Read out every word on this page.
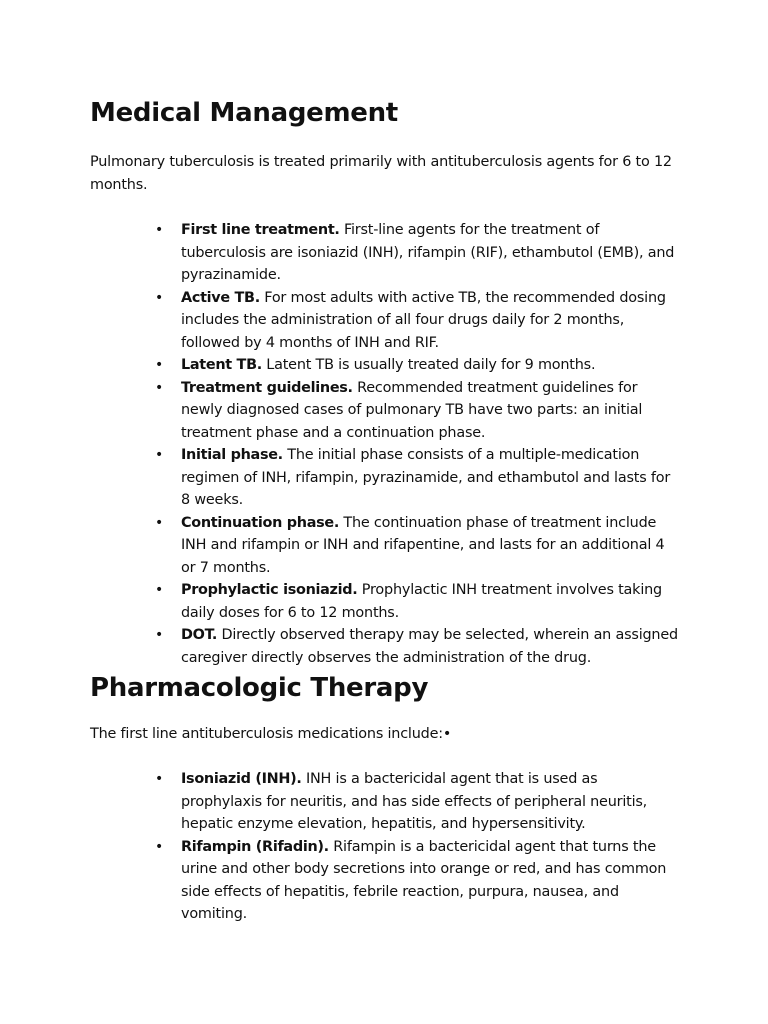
Medical Management

Pulmonary tuberculosis is treated primarily with antituberculosis agents for 6 to 12 months.

• First line treatment. First-line agents for the treatment of tuberculosis are isoniazid (INH), rifampin (RIF), ethambutol (EMB), and pyrazinamide.
• Active TB. For most adults with active TB, the recommended dosing includes the administration of all four drugs daily for 2 months, followed by 4 months of INH and RIF.
• Latent TB. Latent TB is usually treated daily for 9 months.
• Treatment guidelines. Recommended treatment guidelines for newly diagnosed cases of pulmonary TB have two parts: an initial treatment phase and a continuation phase.
• Initial phase. The initial phase consists of a multiple-medication regimen of INH, rifampin, pyrazinamide, and ethambutol and lasts for 8 weeks.
• Continuation phase. The continuation phase of treatment include INH and rifampin or INH and rifapentine, and lasts for an additional 4 or 7 months.
• Prophylactic isoniazid. Prophylactic INH treatment involves taking daily doses for 6 to 12 months.
• DOT. Directly observed therapy may be selected, wherein an assigned caregiver directly observes the administration of the drug.
Pharmacologic Therapy

The first line antituberculosis medications include:•

• Isoniazid (INH). INH is a bactericidal agent that is used as prophylaxis for neuritis, and has side effects of peripheral neuritis, hepatic enzyme elevation, hepatitis, and hypersensitivity.
• Rifampin (Rifadin). Rifampin is a bactericidal agent that turns the urine and other body secretions into orange or red, and has common side effects of hepatitis, febrile reaction, purpura, nausea, and vomiting.
